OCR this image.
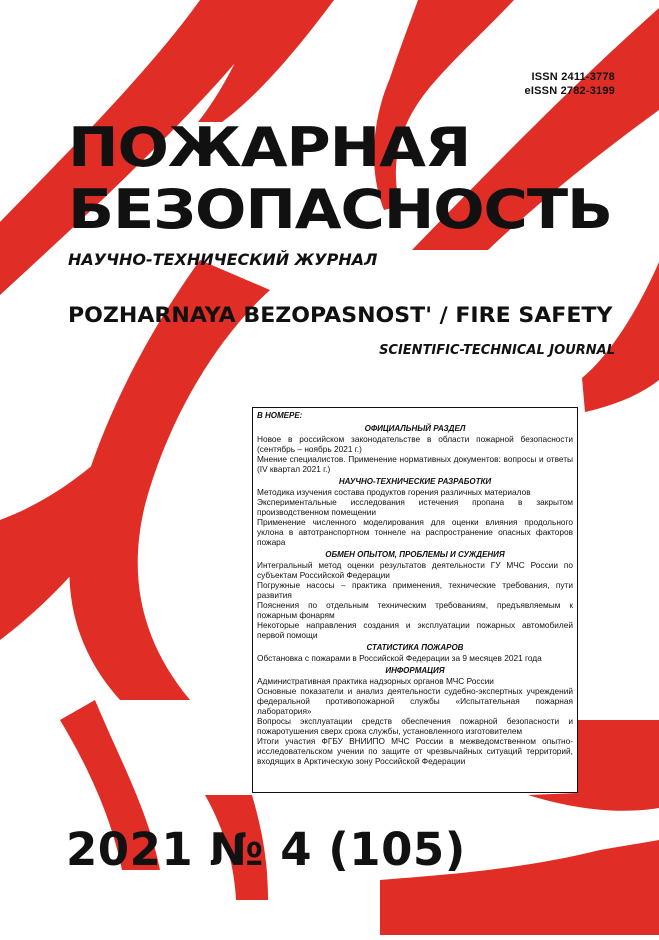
ISSN 2411-3778
eISSN 2782-3199
ПОЖАРНАЯ
БЕЗОПАСНОСТЬ
НАУЧНО-ТЕХНИЧЕСКИЙ ЖУРНАЛ
POZHARNAYA BEZOPASNOST' / FIRE SAFETY
SCIENTIFIC-TECHNICAL JOURNAL
В НОМЕРЕ:
ОФИЦИАЛЬНЫЙ РАЗДЕЛ
Новое в российском законодательстве в области пожарной безопасности (сентябрь – ноябрь 2021 г.)
Мнение специалистов. Применение нормативных документов: вопросы и ответы (IV квартал 2021 г.)
НАУЧНО-ТЕХНИЧЕСКИЕ РАЗРАБОТКИ
Методика изучения состава продуктов горения различных материалов
Экспериментальные исследования истечения пропана в закрытом производственном помещении
Применение численного моделирования для оценки влияния продольного уклона в автотранспортном тоннеле на распространение опасных факторов пожара
ОБМЕН ОПЫТОМ, ПРОБЛЕМЫ И СУЖДЕНИЯ
Интегральный метод оценки результатов деятельности ГУ МЧС России по субъектам Российской Федерации
Погружные насосы – практика применения, технические требования, пути развития
Пояснения по отдельным техническим требованиям, предъявляемым к пожарным фонарям
Некоторые направления создания и эксплуатации пожарных автомобилей первой помощи
СТАТИСТИКА ПОЖАРОВ
Обстановка с пожарами в Российской Федерации за 9 месяцев 2021 года
ИНФОРМАЦИЯ
Административная практика надзорных органов МЧС России
Основные показатели и анализ деятельности судебно-экспертных учреждений федеральной противопожарной службы «Испытательная пожарная лаборатория»
Вопросы эксплуатации средств обеспечения пожарной безопасности и пожаротушения сверх срока службы, установленного изготовителем
Итоги участия ФГБУ ВНИИПО МЧС России в межведомственном опытно-исследовательском учении по защите от чрезвычайных ситуаций территорий, входящих в Арктическую зону Российской Федерации
2021 № 4 (105)
